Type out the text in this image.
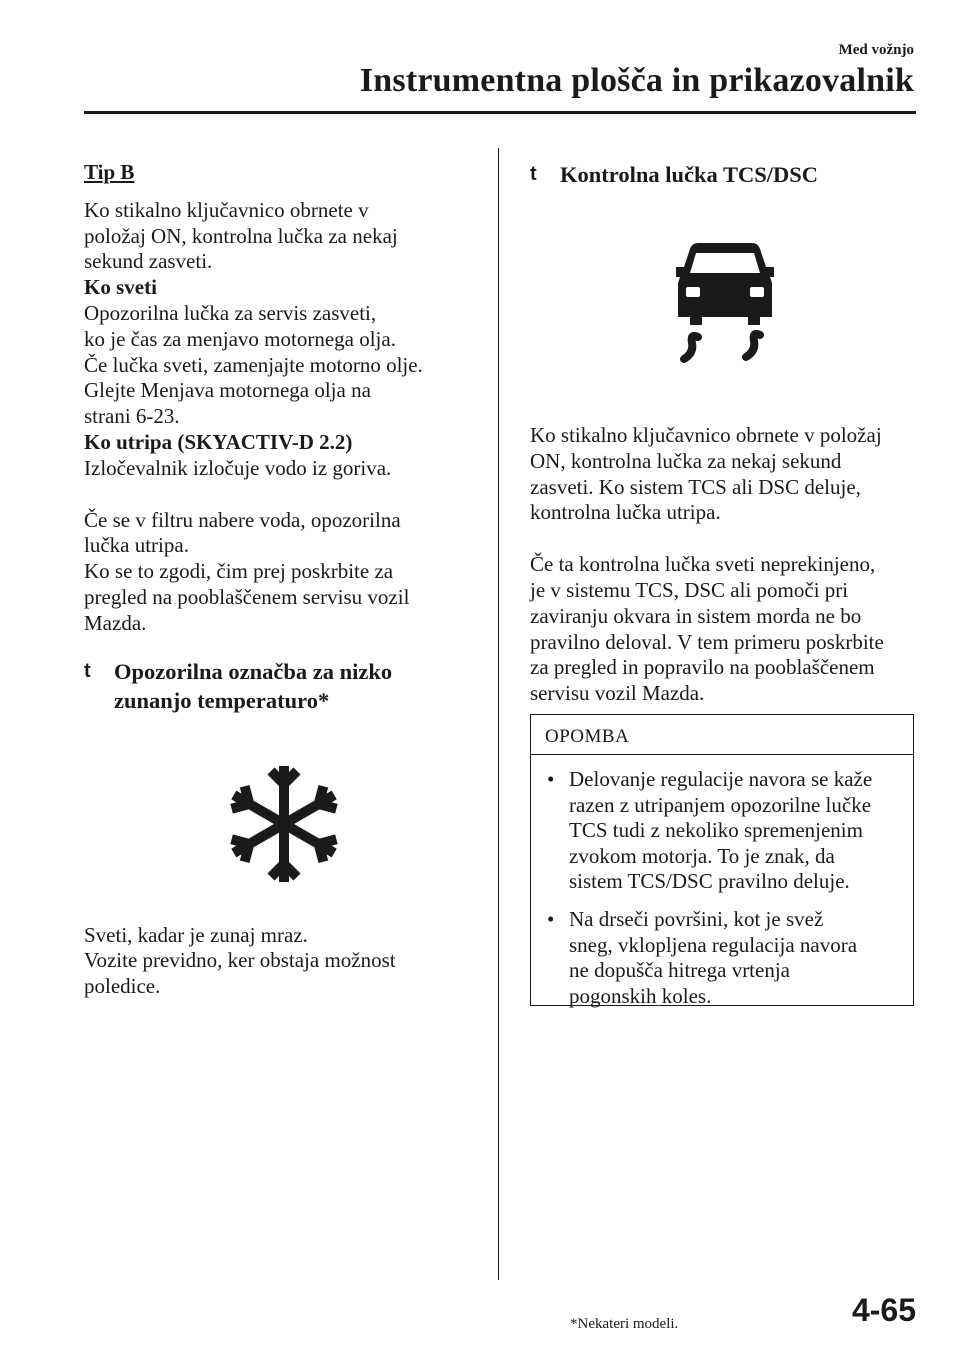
Med vožnjo
Instrumentna plošča in prikazovalnik

Tip B

Ko stikalno ključavnico obrnete v

položaj ON, kontrolna lučka za nekaj

sekund zasveti.

Ko sveti

Opozorilna lučka za servis zasveti,

ko je čas za menjavo motornega olja.

Če lučka sveti, zamenjajte motorno olje.

Glejte Menjava motornega olja na

strani 6-23.

Ko utripa (SKYACTIV-D 2.2)

Izločevalnik izločuje vodo iz goriva.

Če se v filtru nabere voda, opozorilna

lučka utripa.

Ko se to zgodi, čim prej poskrbite za

pregled na pooblaščenem servisu vozil

Mazda.

t Opozorilna označba za nizko
zunanjo temperaturo*

Sveti, kadar je zunaj mraz.

Vozite previdno, ker obstaja možnost

poledice.

t Kontrolna lučka TCS/DSC

Ko stikalno ključavnico obrnete v položaj

ON, kontrolna lučka za nekaj sekund

zasveti. Ko sistem TCS ali DSC deluje,

kontrolna lučka utripa.

Če ta kontrolna lučka sveti neprekinjeno,

je v sistemu TCS, DSC ali pomoči pri

zaviranju okvara in sistem morda ne bo

pravilno deloval. V tem primeru poskrbite

za pregled in popravilo na pooblaščenem

servisu vozil Mazda.

OPOMBA
• Delovanje regulacije navora se kaže
razen z utripanjem opozorilne lučke
TCS tudi z nekoliko spremenjenim
zvokom motorja. To je znak, da
sistem TCS/DSC pravilno deluje.
• Na drseči površini, kot je svež
sneg, vklopljena regulacija navora
ne dopušča hitrega vrtenja
pogonskih koles.
*Nekateri modeli.	4-65
